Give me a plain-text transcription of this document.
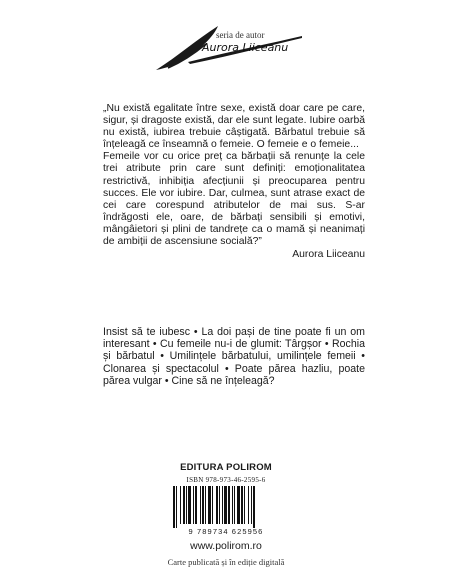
seria de autor
Aurora Liiceanu

„Nu există egalitate între sexe, există doar care pe care, sigur, și dragoste există, dar ele sunt legate. Iubire oarbă nu există, iubirea trebuie câștigată. Bărbatul trebuie să înțeleagă ce înseamnă o femeie. O femeie e o femeie...

Femeile vor cu orice preț ca bărbații să renunțe la cele trei atribute prin care sunt definiți: emoționalitatea restrictivă, inhibiția afecțiunii și preocuparea pentru succes. Ele vor iubire. Dar, culmea, sunt atrase exact de cei care corespund atributelor de mai sus. S-ar îndrăgosti ele, oare, de bărbați sensibili și emotivi, mângâietori și plini de tandrețe ca o mamă și neanimați de ambiții de ascensiune socială?”

Aurora Liiceanu

Insist să te iubesc • La doi pași de tine poate fi un om interesant • Cu femeile nu-i de glumit: Târgșor • Rochia și bărbatul • Umilințele bărbatului, umilințele femeii • Clonarea și spectacolul • Poate părea hazliu, poate părea vulgar • Cine să ne înțeleagă?
EDITURA POLIROM
ISBN 978-973-46-2595-6
9 789734 625956
www.polirom.ro
Carte publicată și în ediție digitală
